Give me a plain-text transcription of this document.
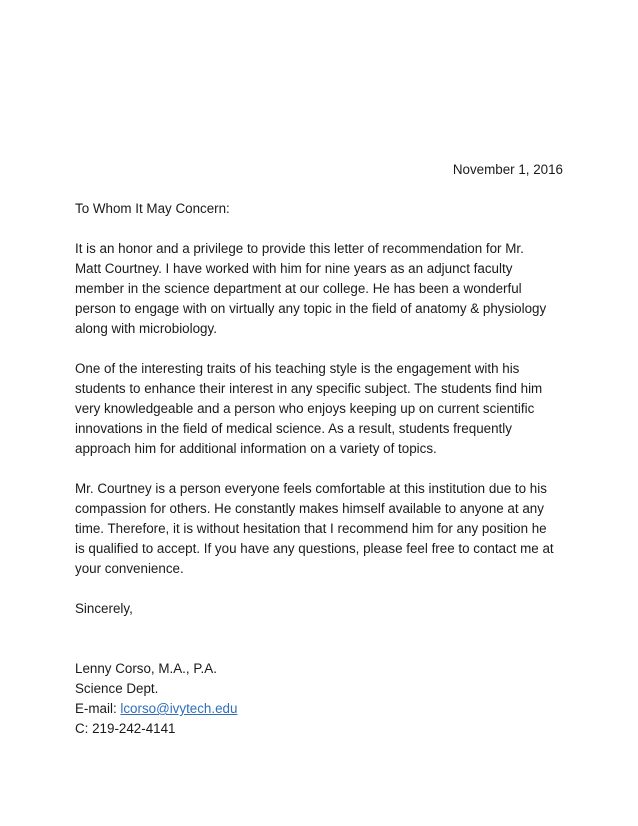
November 1, 2016

To Whom It May Concern:

It is an honor and a privilege to provide this letter of recommendation for Mr.
Matt Courtney. I have worked with him for nine years as an adjunct faculty
member in the science department at our college. He has been a wonderful
person to engage with on virtually any topic in the field of anatomy & physiology
along with microbiology.

One of the interesting traits of his teaching style is the engagement with his
students to enhance their interest in any specific subject. The students find him
very knowledgeable and a person who enjoys keeping up on current scientific
innovations in the field of medical science. As a result, students frequently
approach him for additional information on a variety of topics.

Mr. Courtney is a person everyone feels comfortable at this institution due to his
compassion for others. He constantly makes himself available to anyone at any
time. Therefore, it is without hesitation that I recommend him for any position he
is qualified to accept. If you have any questions, please feel free to contact me at
your convenience.

Sincerely,

Lenny Corso, M.A., P.A.
Science Dept.
E-mail: lcorso@ivytech.edu
C: 219-242-4141
